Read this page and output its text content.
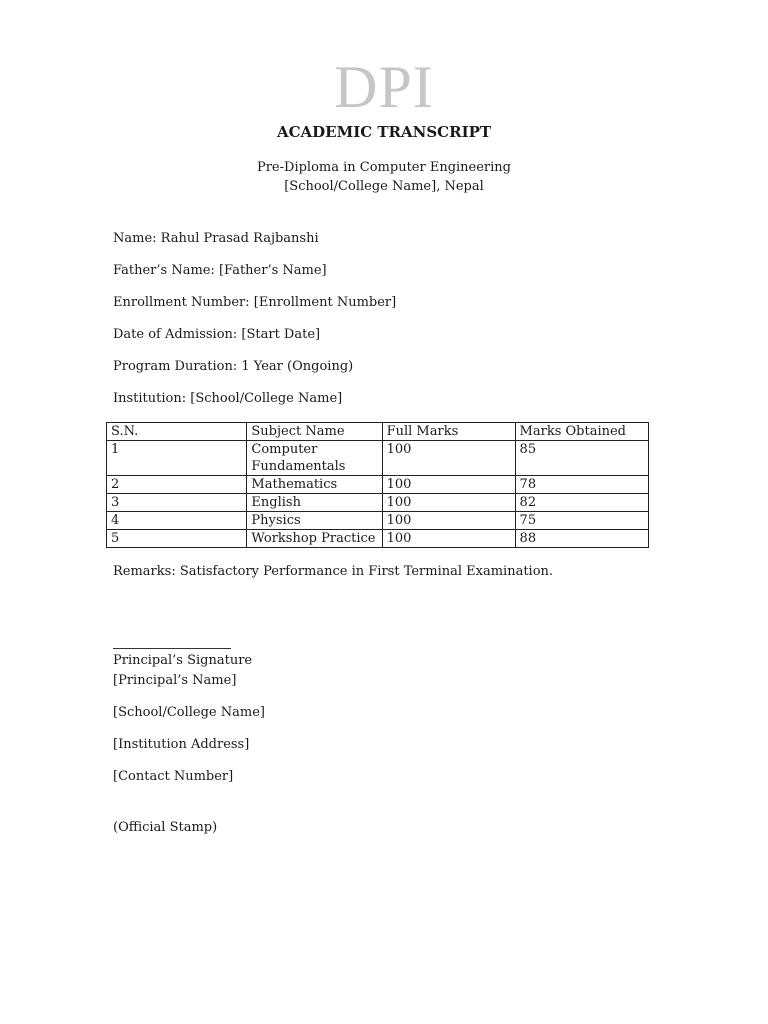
DPI
ACADEMIC TRANSCRIPT
Pre-Diploma in Computer Engineering
[School/College Name], Nepal
Name: Rahul Prasad Rajbanshi
Father’s Name: [Father’s Name]
Enrollment Number: [Enrollment Number]
Date of Admission: [Start Date]
Program Duration: 1 Year (Ongoing)
Institution: [School/College Name]
S.N.	Subject Name	Full Marks	Marks Obtained
1	Computer Fundamentals	100	85
2	Mathematics	100	78
3	English	100	82
4	Physics	100	75
5	Workshop Practice	100	88
Remarks: Satisfactory Performance in First Terminal Examination.
Principal’s Signature
[Principal’s Name]
[School/College Name]
[Institution Address]
[Contact Number]
(Official Stamp)
